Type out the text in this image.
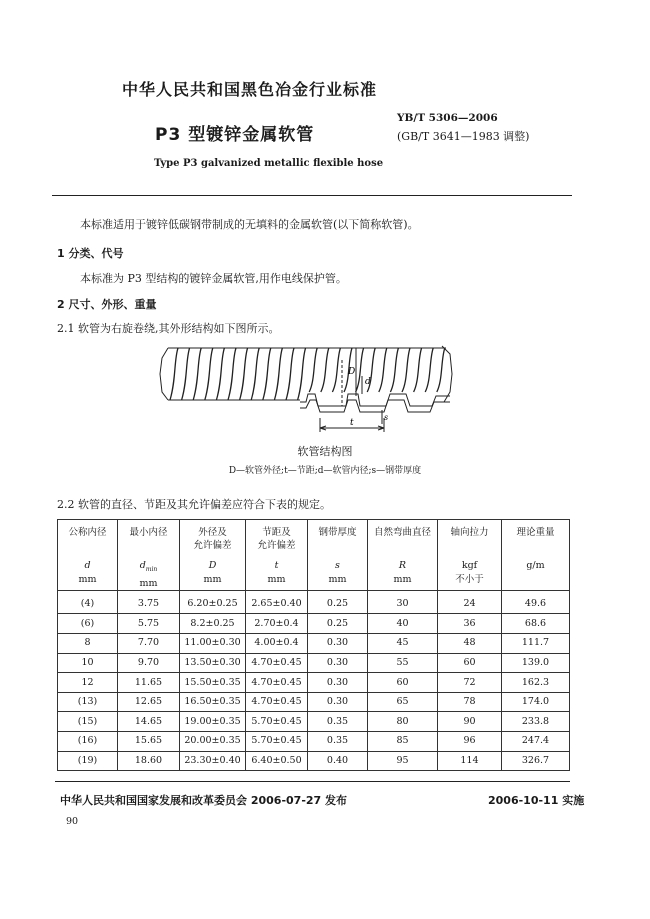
中华人民共和国黑色冶金行业标准
YB/T 5306—2006
(GB/T 3641—1983 调整)
P3 型镀锌金属软管
Type P3 galvanized metallic flexible hose
本标准适用于镀锌低碳钢带制成的无填料的金属软管(以下简称软管)。
1 分类、代号
本标准为 P3 型结构的镀锌金属软管,用作电线保护管。
2 尺寸、外形、重量
2.1 软管为右旋卷绕,其外形结构如下图所示。
D
d
t
s
软管结构图
D—软管外径;t—节距;d—软管内径;s—钢带厚度
2.2 软管的直径、节距及其允许偏差应符合下表的规定。
公称内径

d
mm	最小内径

$d_{min}$
mm	外径及
允许偏差
D
mm	节距及
允许偏差
t
mm	钢带厚度

s
mm	自然弯曲直径

R
mm	轴向拉力

kgf
不小于	理论重量

g/m

(4)	3.75	6.20±0.25	2.65±0.40	0.25	30	24	49.6
(6)	5.75	8.2±0.25	2.70±0.4	0.25	40	36	68.6
8	7.70	11.00±0.30	4.00±0.4	0.30	45	48	111.7
10	9.70	13.50±0.30	4.70±0.45	0.30	55	60	139.0
12	11.65	15.50±0.35	4.70±0.45	0.30	60	72	162.3
(13)	12.65	16.50±0.35	4.70±0.45	0.30	65	78	174.0
(15)	14.65	19.00±0.35	5.70±0.45	0.35	80	90	233.8
(16)	15.65	20.00±0.35	5.70±0.45	0.35	85	96	247.4
(19)	18.60	23.30±0.40	6.40±0.50	0.40	95	114	326.7
中华人民共和国国家发展和改革委员会 2006-07-27 发布	2006-10-11 实施
90
